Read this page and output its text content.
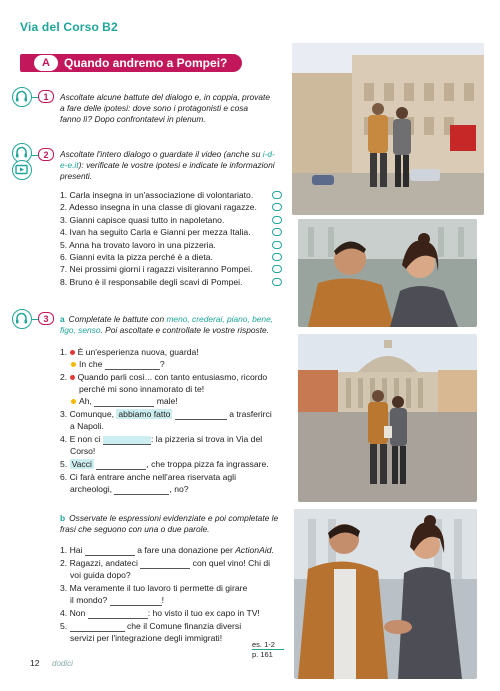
Via del Corso B2
A	Quando andremo a Pompei?
1	Ascoltate alcune battute del dialogo e, in coppia, provate a fare delle ipotesi: dove sono i protagonisti e cosa fanno lì? Dopo confrontatevi in plenum.
2	Ascoltate l'intero dialogo o guardate il video (anche su i-d-e-e.it): verificate le vostre ipotesi e indicate le informazioni presenti.
1. Carla insegna in un'associazione di volontariato.
2. Adesso insegna in una classe di giovani ragazze.
3. Gianni capisce quasi tutto in napoletano.
4. Ivan ha seguito Carla e Gianni per mezza Italia.
5. Anna ha trovato lavoro in una pizzeria.
6. Gianni evita la pizza perché è a dieta.
7. Nei prossimi giorni i ragazzi visiteranno Pompei.
8. Bruno è il responsabile degli scavi di Pompei.
3	a Completate le battute con meno, crederai, piano, bene, figo, senso. Poi ascoltate e controllate le vostre risposte.
1. È un'esperienza nuova, guarda!
In che	?
2. Quando parli così... con tanto entusiasmo, ricordo
perché mi sono innamorato di te!
Ah,	male!
3. Comunque, abbiamo fatto	a trasferirci
a Napoli.
4. E non ci	: la pizzeria si trova in Via del
Corso!
5. Vacci	, che troppa pizza fa ingrassare.
6. Ci farà entrare anche nell'area riservata agli
archeologi,	, no?
b Osservate le espressioni evidenziate e poi completate le frasi che seguono con una o due parole.
1. Hai	a fare una donazione per ActionAid.
2. Ragazzi, andateci	con quel vino! Chi di
voi guida dopo?
3. Ma veramente il tuo lavoro ti permette di girare
il mondo?	!
4. Non	: ho visto il tuo ex capo in TV!
5.	che il Comune finanzia diversi
servizi per l'integrazione degli immigrati!
12 dodici
es. 1-2
p. 161
